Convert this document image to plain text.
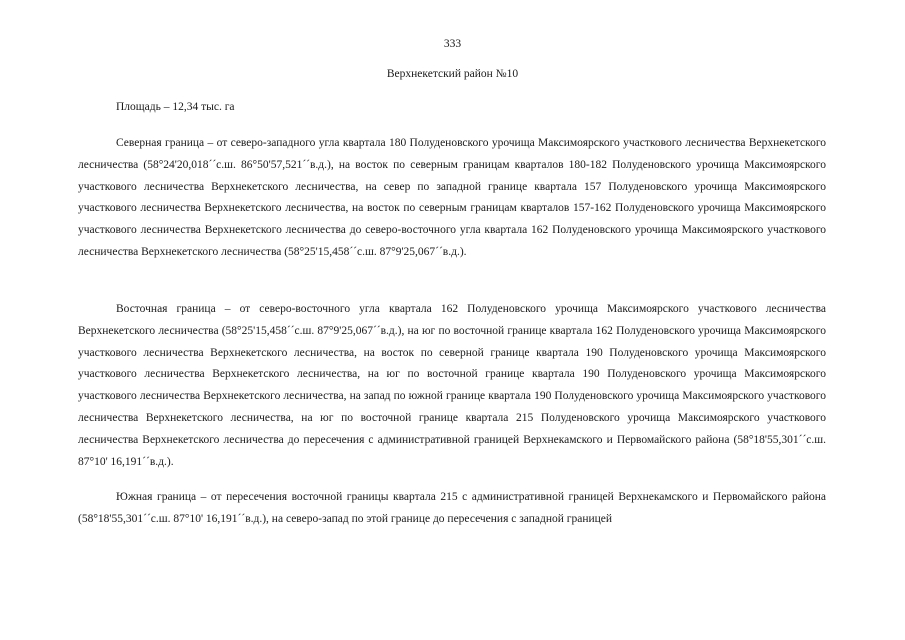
333
Верхнекетский район №10
Площадь – 12,34 тыс. га

Северная граница – от северо-западного угла квартала 180 Полуденовского урочища Максимоярского участкового лесничества Верхнекетского лесничества (58°24'20,018´´с.ш. 86°50'57,521´´в.д.), на восток по северным границам кварталов 180-182 Полуденовского урочища Максимоярского участкового лесничества Верхнекетского лесничества, на север по западной границе квартала 157 Полуденовского урочища Максимоярского участкового лесничества Верхнекетского лесничества, на восток по северным границам кварталов 157-162 Полуденовского урочища Максимоярского участкового лесничества Верхнекетского лесничества до северо-восточного угла квартала 162 Полуденовского урочища Максимоярского участкового лесничества Верхнекетского лесничества (58°25'15,458´´с.ш. 87°9'25,067´´в.д.).

Восточная граница – от северо-восточного угла квартала 162 Полуденовского урочища Максимоярского участкового лесничества Верхнекетского лесничества (58°25'15,458´´с.ш. 87°9'25,067´´в.д.), на юг по восточной границе квартала 162 Полуденовского урочища Максимоярского участкового лесничества Верхнекетского лесничества, на восток по северной границе квартала 190 Полуденовского урочища Максимоярского участкового лесничества Верхнекетского лесничества, на юг по восточной границе квартала 190 Полуденовского урочища Максимоярского участкового лесничества Верхнекетского лесничества, на запад по южной границе квартала 190 Полуденовского урочища Максимоярского участкового лесничества Верхнекетского лесничества, на юг по восточной границе квартала 215 Полуденовского урочища Максимоярского участкового лесничества Верхнекетского лесничества до пересечения с административной границей Верхнекамского и Первомайского района (58°18'55,301´´с.ш. 87°10' 16,191´´в.д.).

Южная граница – от пересечения восточной границы квартала 215 с административной границей Верхнекамского и Первомайского района (58°18'55,301´´с.ш. 87°10' 16,191´´в.д.), на северо-запад по этой границе до пересечения с западной границей
